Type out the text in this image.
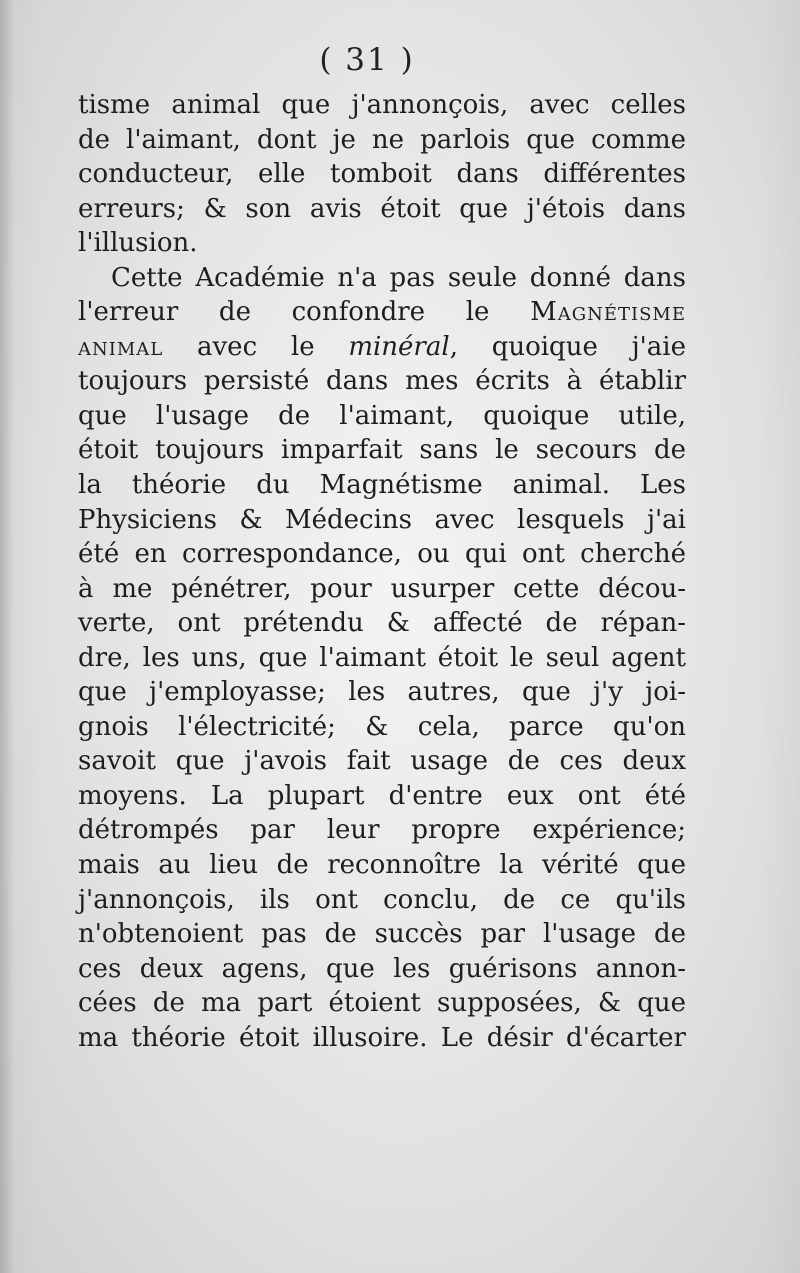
( 31 )
tisme animal que j'annonçois, avec celles
de l'aimant, dont je ne parlois que comme
conducteur, elle tomboit dans différentes
erreurs; & son avis étoit que j'étois dans
l'illusion.
Cette Académie n'a pas seule donné dans
l'erreur de confondre le Magnétisme
animal avec le minéral, quoique j'aie
toujours persisté dans mes écrits à établir
que l'usage de l'aimant, quoique utile,
étoit toujours imparfait sans le secours de
la théorie du Magnétisme animal. Les
Physiciens & Médecins avec lesquels j'ai
été en correspondance, ou qui ont cherché
à me pénétrer, pour usurper cette décou-
verte, ont prétendu & affecté de répan-
dre, les uns, que l'aimant étoit le seul agent
que j'employasse; les autres, que j'y joi-
gnois l'électricité; & cela, parce qu'on
savoit que j'avois fait usage de ces deux
moyens. La plupart d'entre eux ont été
détrompés par leur propre expérience;
mais au lieu de reconnoître la vérité que
j'annonçois, ils ont conclu, de ce qu'ils
n'obtenoient pas de succès par l'usage de
ces deux agens, que les guérisons annon-
cées de ma part étoient supposées, & que
ma théorie étoit illusoire. Le désir d'écarter
